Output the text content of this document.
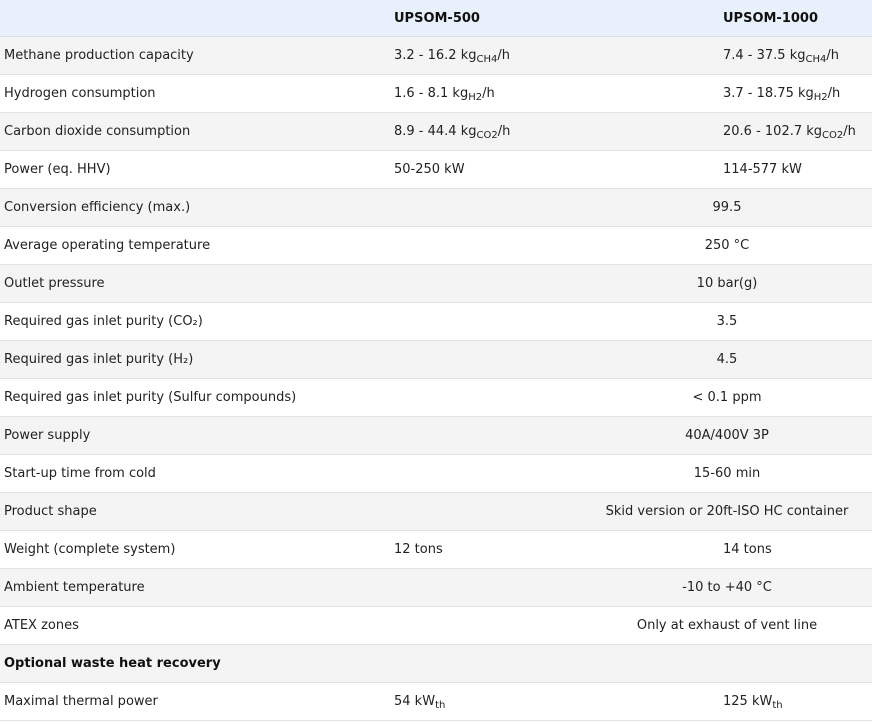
	UPSOM-500	UPSOM-1000
Methane production capacity	3.2 - 16.2 $kg_{CH4}/h$	7.4 - 37.5 $kg_{CH4}/h$
Hydrogen consumption	1.6 - 8.1 $kg_{H2}/h$	3.7 - 18.75 $kg_{H2}/h$
Carbon dioxide consumption	8.9 - 44.4 $kg_{CO2}/h$	20.6 - 102.7 $kg_{CO2}/h$
Power (eq. HHV)	50-250 kW	114-577 kW
Conversion efficiency (max.)	99.5	
Average operating temperature	250 °C	
Outlet pressure	10 bar(g)	
Required gas inlet purity (CO₂)	3.5	
Required gas inlet purity (H₂)	4.5	
Required gas inlet purity (Sulfur compounds)	< 0.1 ppm	
Power supply	40A/400V 3P	
Start-up time from cold	15-60 min	
Product shape	Skid version or 20ft-ISO HC container	
Weight (complete system)	12 tons	14 tons
Ambient temperature	-10 to +40 °C	
ATEX zones	Only at exhaust of vent line	
Optional waste heat recovery		
Maximal thermal power	54 $kW_{th}$	125 $kW_{th}$
